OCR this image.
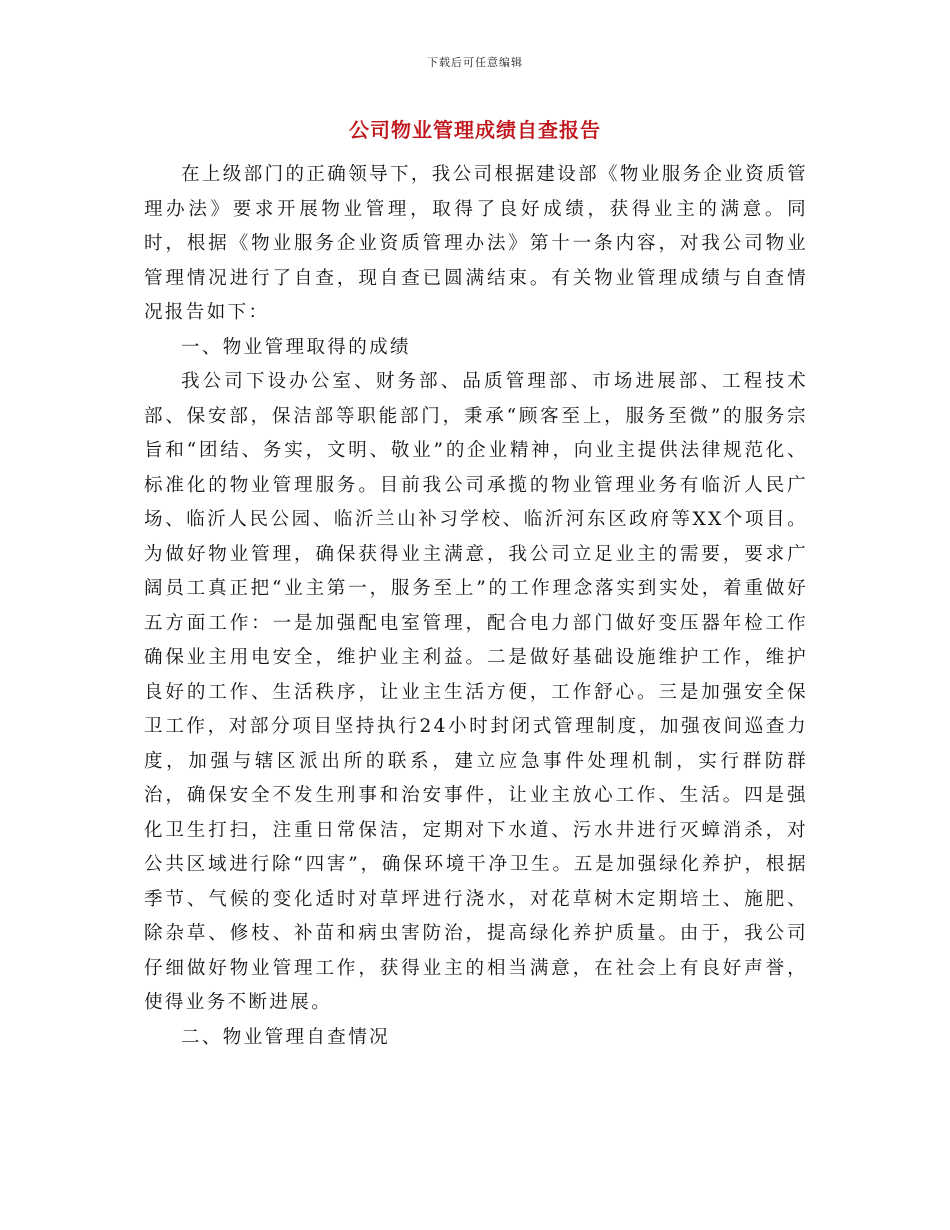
下载后可任意编辑
公司物业管理成绩自查报告

在上级部门的正确领导下，我公司根据建设部《物业服务企业资质管理办法》要求开展物业管理，取得了良好成绩，获得业主的满意。同时，根据《物业服务企业资质管理办法》第十一条内容，对我公司物业管理情况进行了自查，现自查已圆满结束。有关物业管理成绩与自查情况报告如下：

一、物业管理取得的成绩

我公司下设办公室、财务部、品质管理部、市场进展部、工程技术部、保安部，保洁部等职能部门，秉承“顾客至上，服务至微”的服务宗旨和“团结、务实，文明、敬业”的企业精神，向业主提供法律规范化、标准化的物业管理服务。目前我公司承揽的物业管理业务有临沂人民广场、临沂人民公园、临沂兰山补习学校、临沂河东区政府等XX个项目。为做好物业管理，确保获得业主满意，我公司立足业主的需要，要求广阔员工真正把“业主第一，服务至上”的工作理念落实到实处，着重做好五方面工作：一是加强配电室管理，配合电力部门做好变压器年检工作确保业主用电安全，维护业主利益。二是做好基础设施维护工作，维护良好的工作、生活秩序，让业主生活方便，工作舒心。三是加强安全保卫工作，对部分项目坚持执行24小时封闭式管理制度，加强夜间巡查力度，加强与辖区派出所的联系，建立应急事件处理机制，实行群防群治，确保安全不发生刑事和治安事件，让业主放心工作、生活。四是强化卫生打扫，注重日常保洁，定期对下水道、污水井进行灭蟑消杀，对公共区域进行除“四害”，确保环境干净卫生。五是加强绿化养护，根据季节、气候的变化适时对草坪进行浇水，对花草树木定期培土、施肥、除杂草、修枝、补苗和病虫害防治，提高绿化养护质量。由于，我公司仔细做好物业管理工作，获得业主的相当满意，在社会上有良好声誉，使得业务不断进展。

二、物业管理自查情况
